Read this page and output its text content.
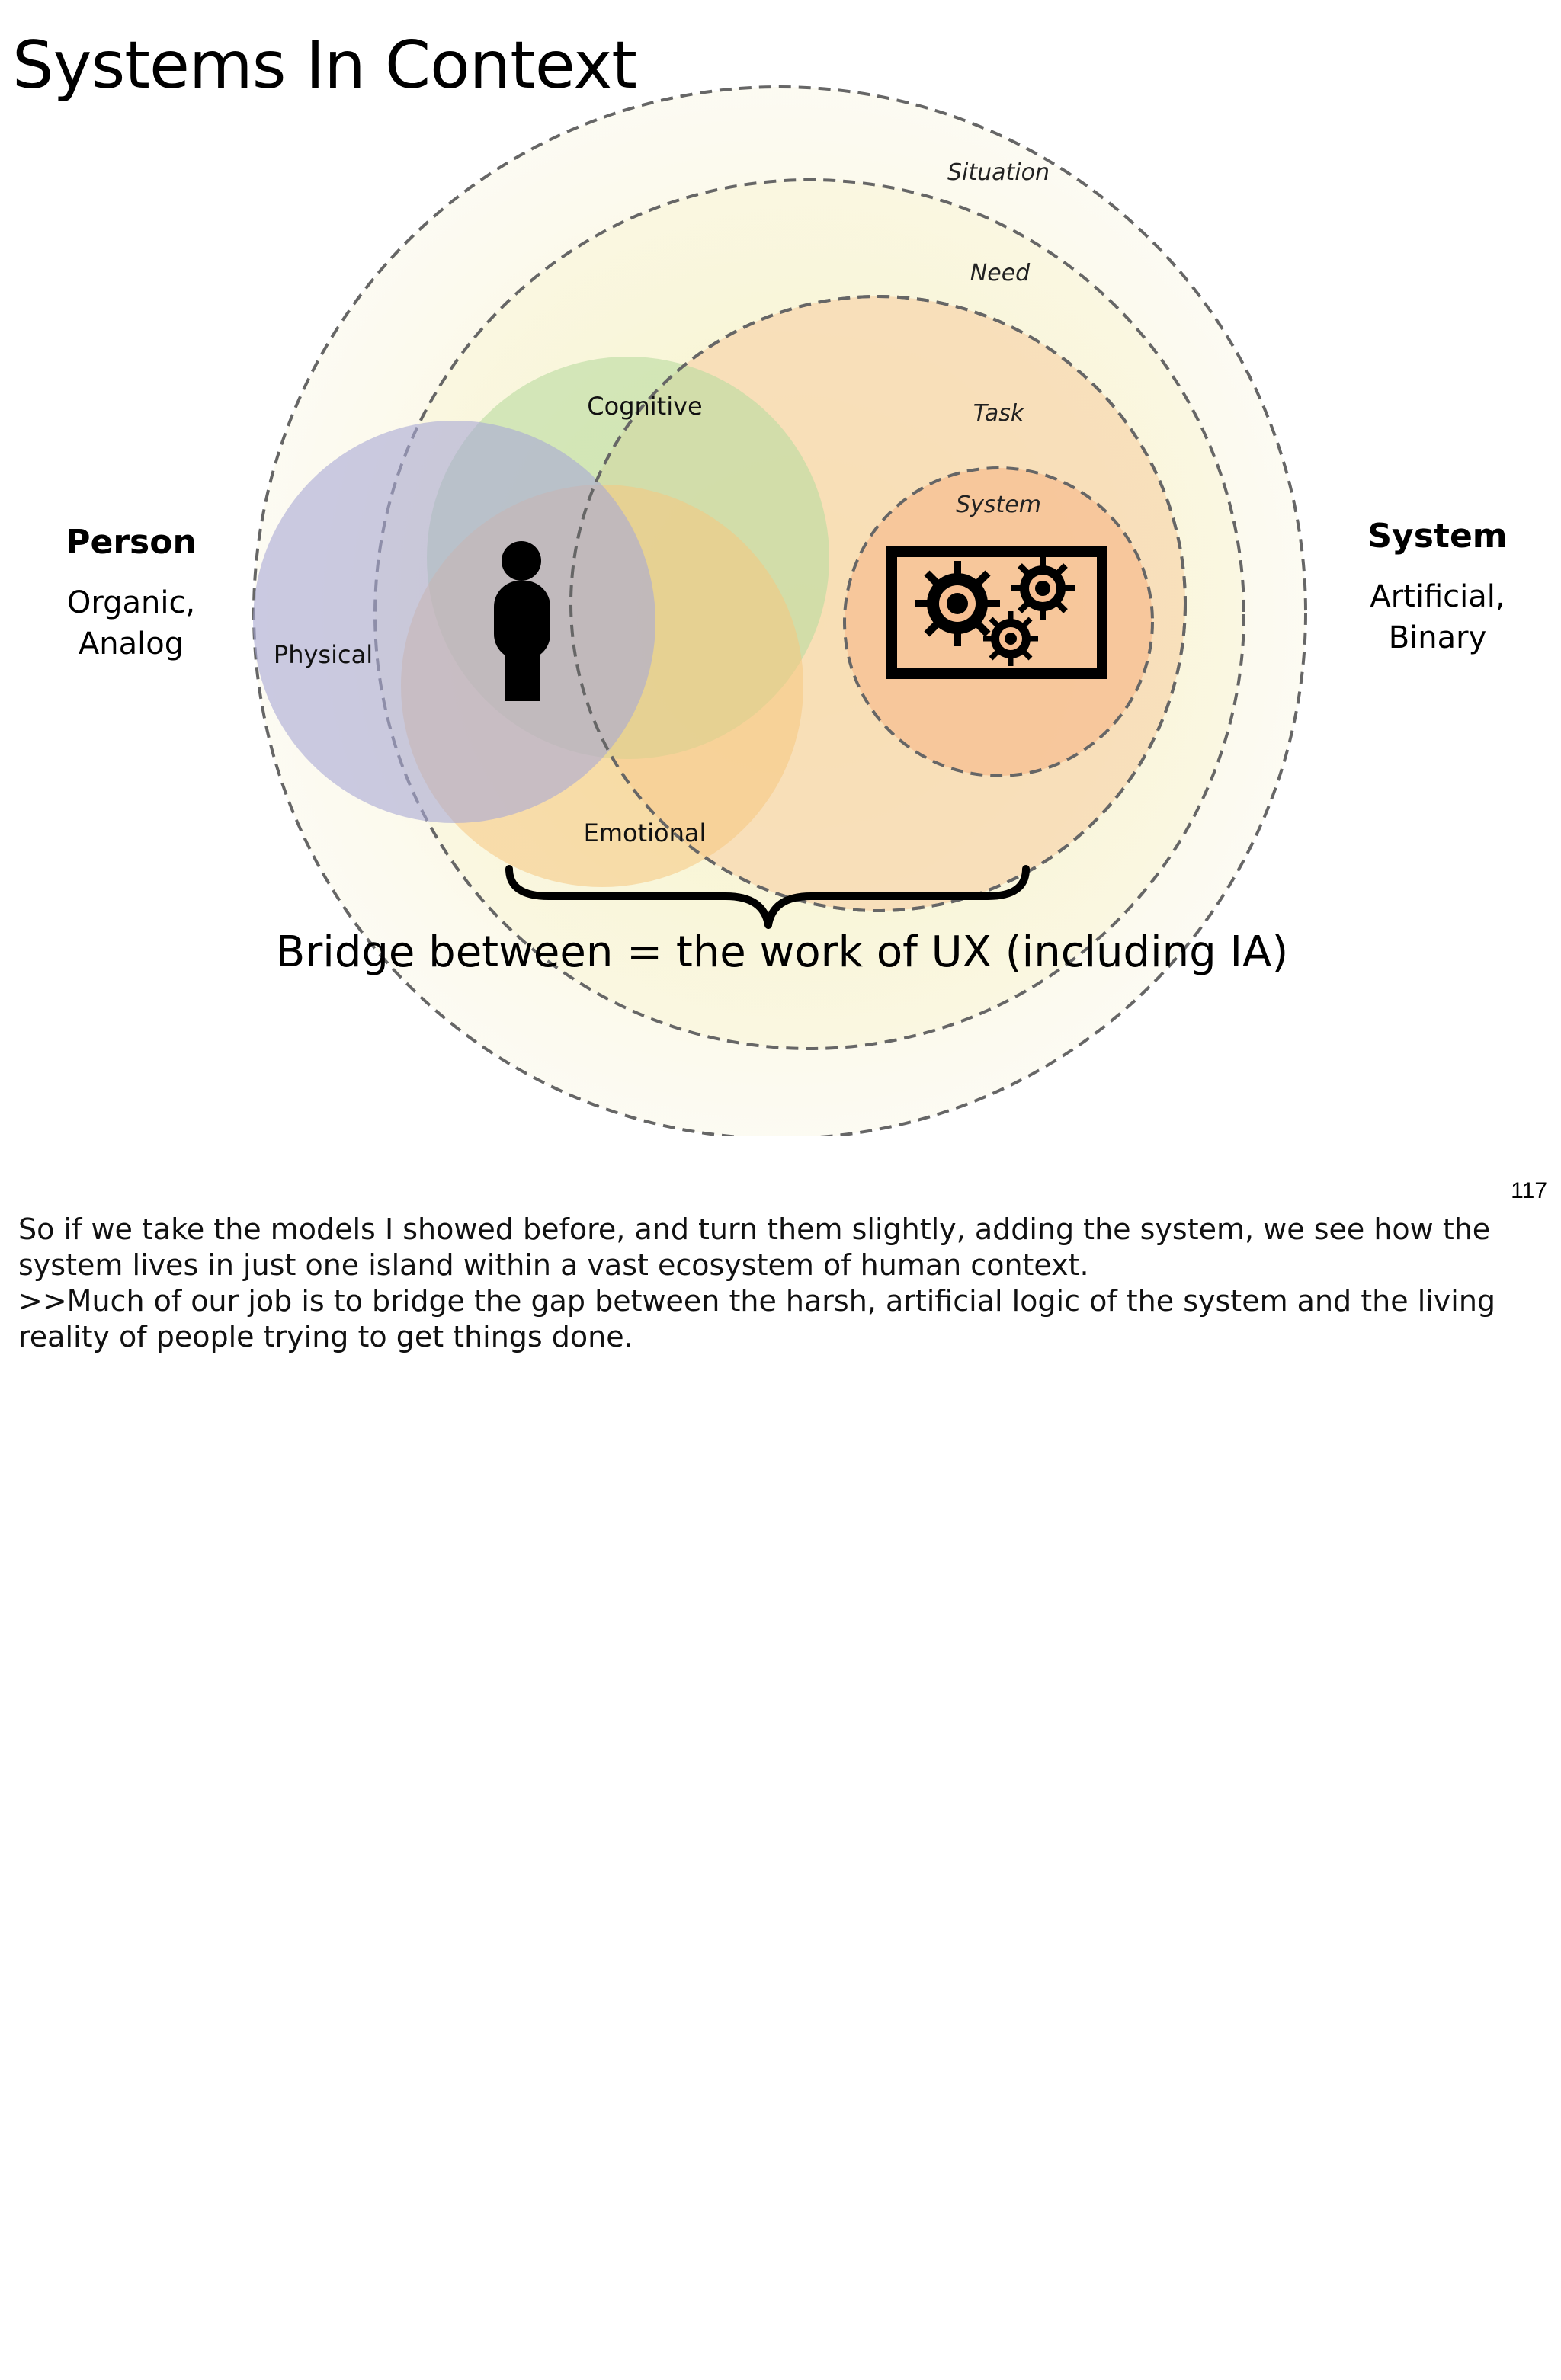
Systems In Context
Situation
Need
Task
System
Cognitive
Physical
Emotional
Person
Organic,
Analog
System
Artificial,
Binary
Bridge between = the work of UX (including IA)
117

So if we take the models I showed before, and turn them slightly, adding the system, we see how the system lives in just one island within a vast ecosystem of human context.

>>Much of our job is to bridge the gap between the harsh, artificial logic of the system and the living reality of people trying to get things done.
